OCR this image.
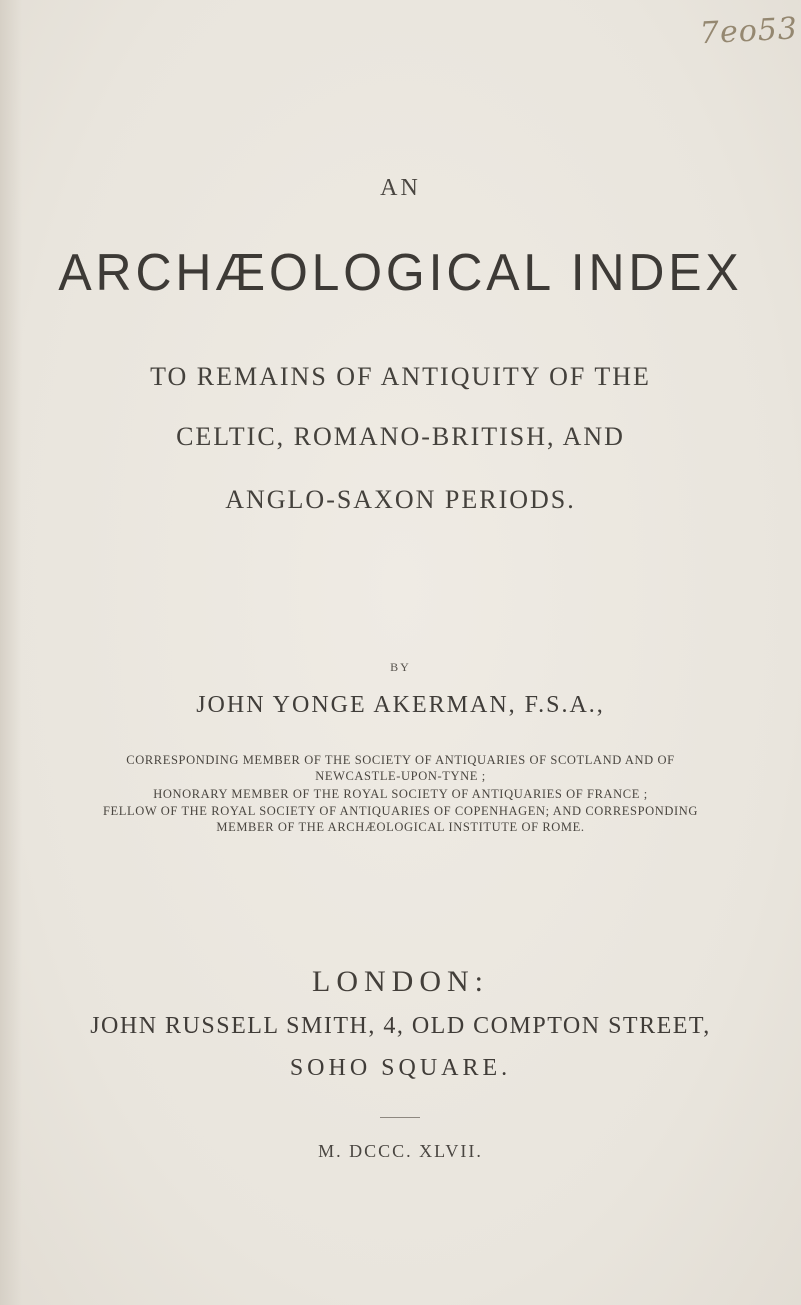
7eo53

AN

ARCHÆOLOGICAL INDEX

TO REMAINS OF ANTIQUITY OF THE

CELTIC, ROMANO-BRITISH, AND

ANGLO-SAXON PERIODS.

BY

JOHN YONGE AKERMAN, F.S.A.,

CORRESPONDING MEMBER OF THE SOCIETY OF ANTIQUARIES OF SCOTLAND AND OF

NEWCASTLE-UPON-TYNE ;

HONORARY MEMBER OF THE ROYAL SOCIETY OF ANTIQUARIES OF FRANCE ;

FELLOW OF THE ROYAL SOCIETY OF ANTIQUARIES OF COPENHAGEN; AND CORRESPONDING

MEMBER OF THE ARCHÆOLOGICAL INSTITUTE OF ROME.

LONDON:

JOHN RUSSELL SMITH, 4, OLD COMPTON STREET,

SOHO SQUARE.

M. DCCC. XLVII.
